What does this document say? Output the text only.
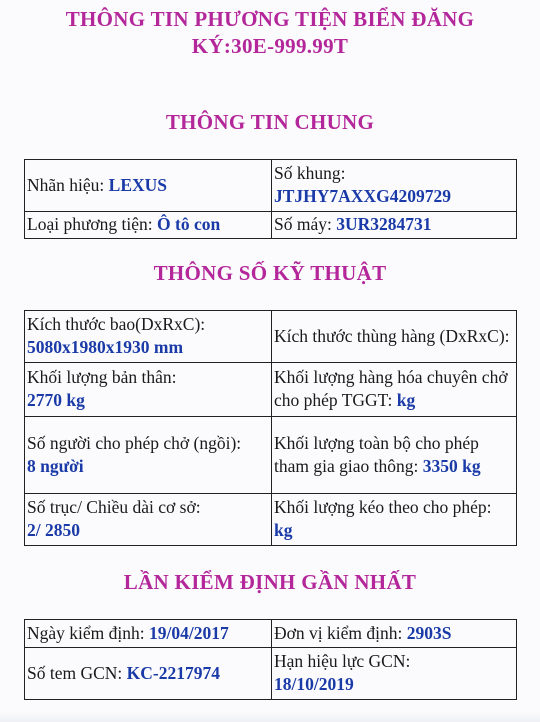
THÔNG TIN PHƯƠNG TIỆN BIỂN ĐĂNG
KÝ:30E-999.99T
THÔNG TIN CHUNG
Nhãn hiệu: LEXUS	Số khung:
JTJHY7AXXG4209729

Loại phương tiện: Ô tô con	Số máy: 3UR3284731
THÔNG SỐ KỸ THUẬT
Kích thước bao(DxRxC):
5080x1980x1930 mm	Kích thước thùng hàng (DxRxC):

Khối lượng bản thân:
2770 kg	Khối lượng hàng hóa chuyên chở cho phép TGGT: kg

Số người cho phép chở (ngồi):
8 người	Khối lượng toàn bộ cho phép tham gia giao thông: 3350 kg

Số trục/ Chiều dài cơ sở:
2/ 2850	Khối lượng kéo theo cho phép: kg
LẦN KIỂM ĐỊNH GẦN NHẤT
Ngày kiểm định: 19/04/2017	Đơn vị kiểm định: 2903S
Số tem GCN: KC-2217974	Hạn hiệu lực GCN:
18/10/2019
